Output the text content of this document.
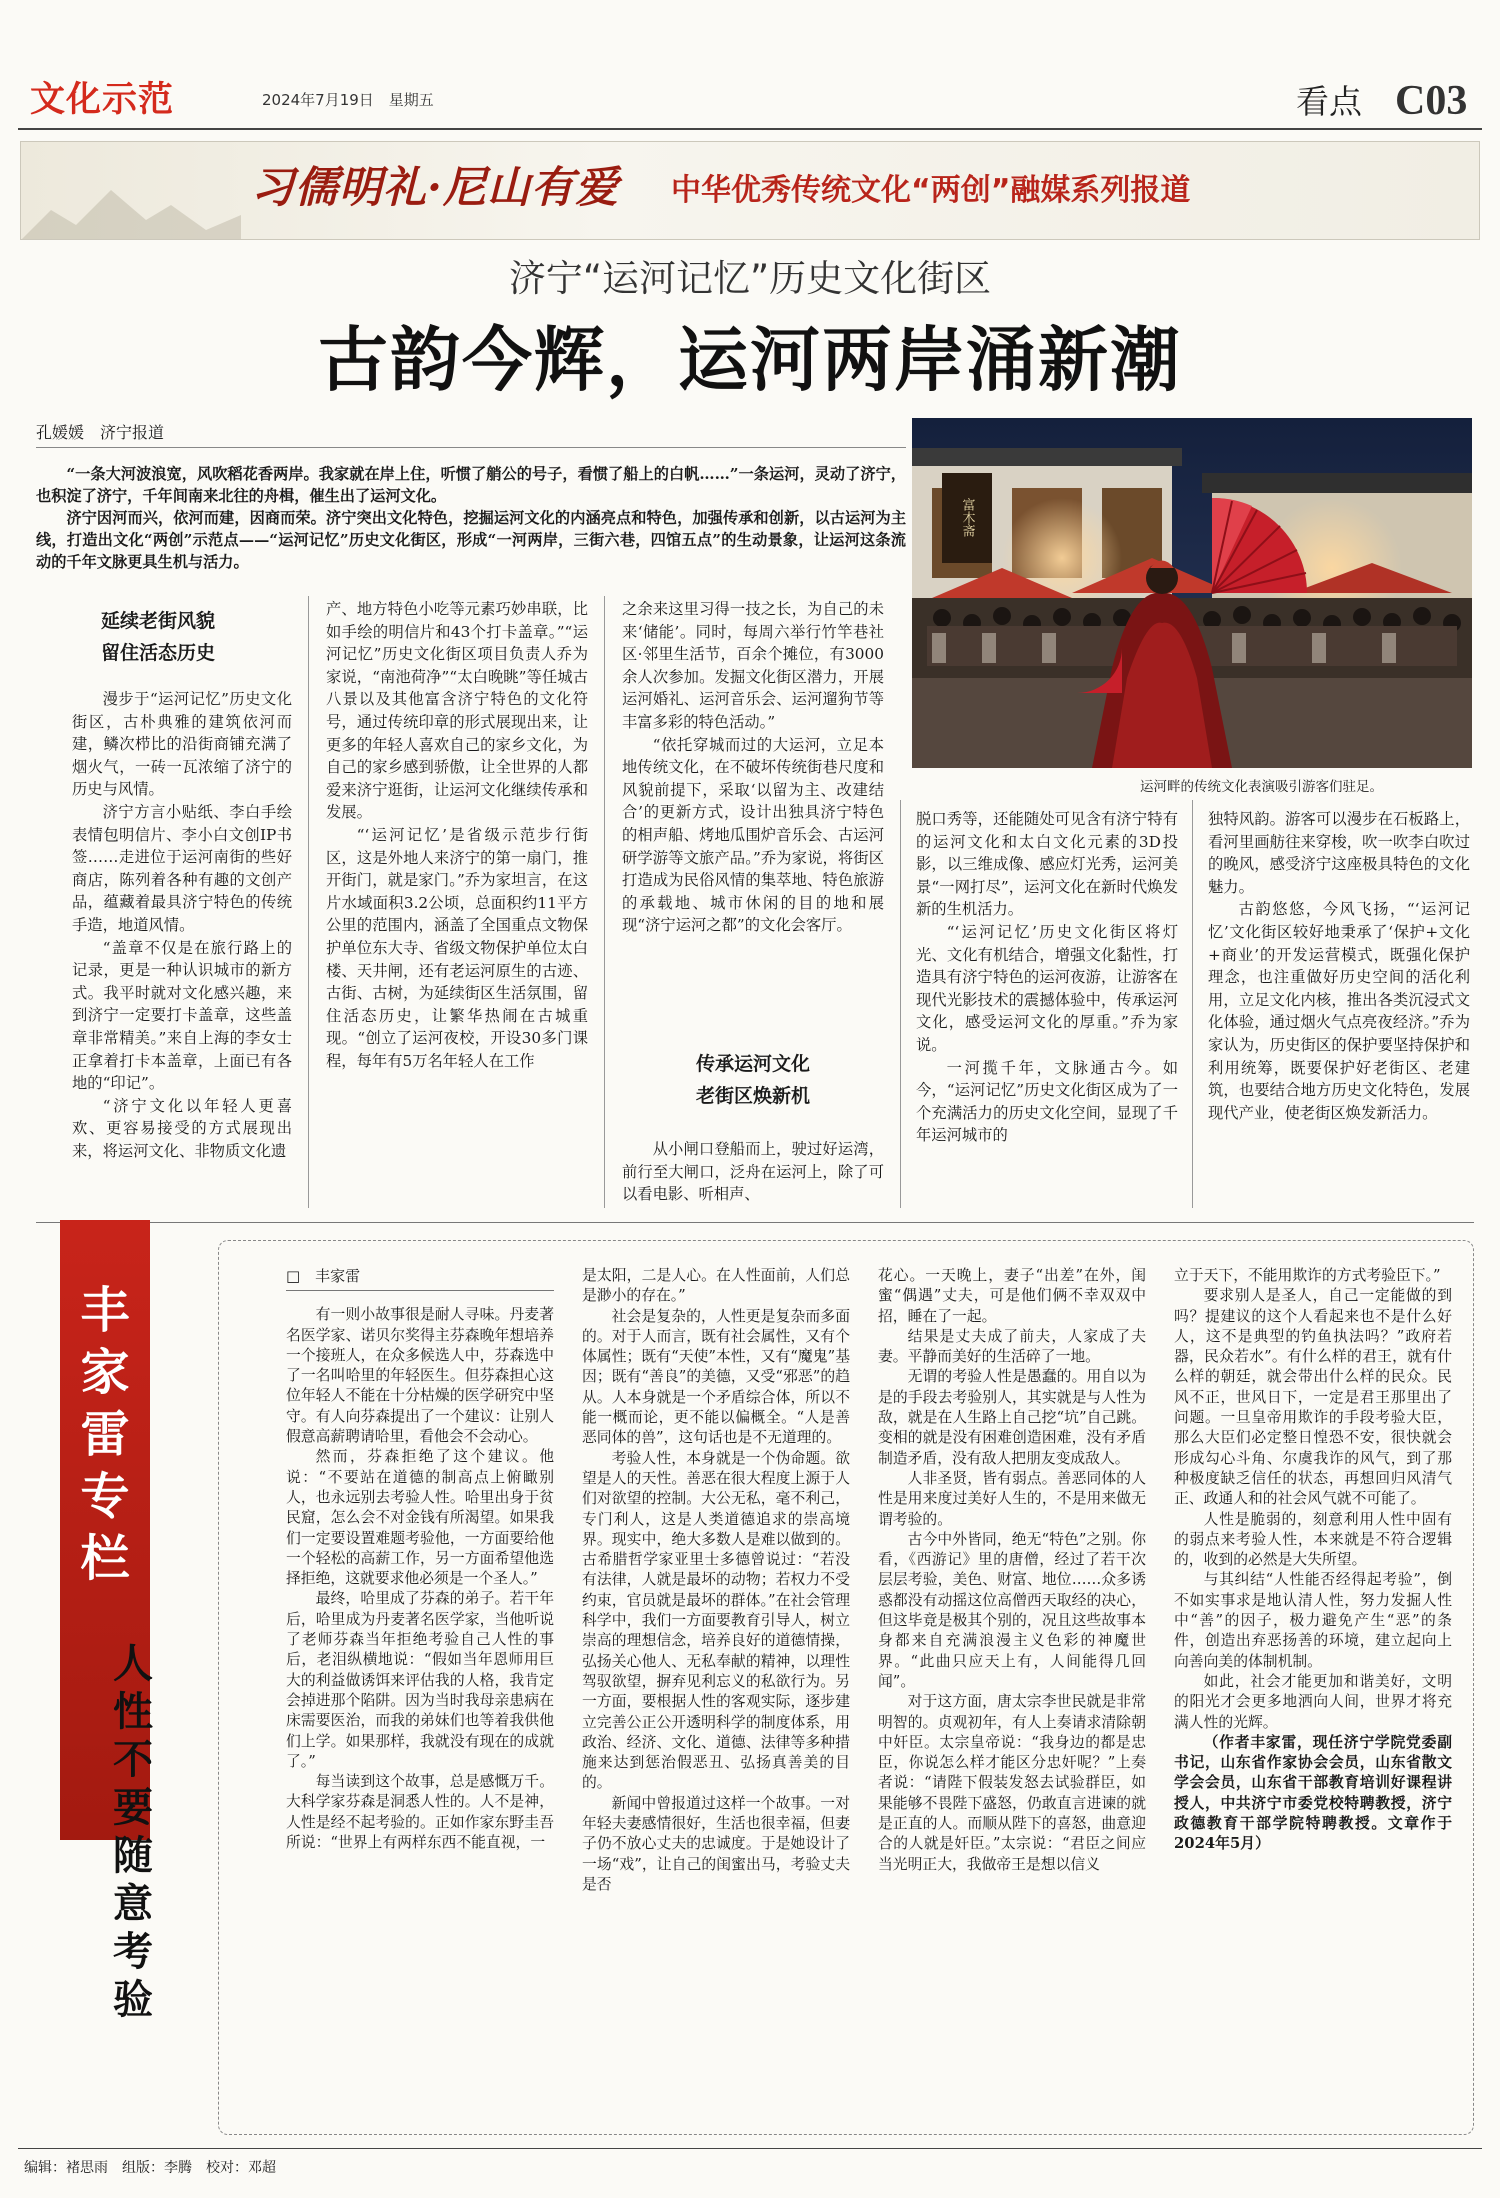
文化示范	2024年7月19日　星期五	看点 C03
习儒明礼·尼山有爱 中华优秀传统文化“两创”融媒系列报道
济宁“运河记忆”历史文化街区
古韵今辉，运河两岸涌新潮
孔媛媛　济宁报道

“一条大河波浪宽，风吹稻花香两岸。我家就在岸上住，听惯了艄公的号子，看惯了船上的白帆……”一条运河，灵动了济宁，也积淀了济宁，千年间南来北往的舟楫，催生出了运河文化。

济宁因河而兴，依河而建，因商而荣。济宁突出文化特色，挖掘运河文化的内涵亮点和特色，加强传承和创新，以古运河为主线，打造出文化“两创”示范点——“运河记忆”历史文化街区，形成“一河两岸，三街六巷，四馆五点”的生动景象，让运河这条流动的千年文脉更具生机与活力。

富木斋
运河畔的传统文化表演吸引游客们驻足。
延续老街风貌
留住活态历史

漫步于“运河记忆”历史文化街区，古朴典雅的建筑依河而建，鳞次栉比的沿街商铺充满了烟火气，一砖一瓦浓缩了济宁的历史与风情。

济宁方言小贴纸、李白手绘表情包明信片、李小白文创IP书签……走进位于运河南街的些好商店，陈列着各种有趣的文创产品，蕴藏着最具济宁特色的传统手造，地道风情。

“盖章不仅是在旅行路上的记录，更是一种认识城市的新方式。我平时就对文化感兴趣，来到济宁一定要打卡盖章，这些盖章非常精美。”来自上海的李女士正拿着打卡本盖章，上面已有各地的“印记”。

“济宁文化以年轻人更喜欢、更容易接受的方式展现出来，将运河文化、非物质文化遗

产、地方特色小吃等元素巧妙串联，比如手绘的明信片和43个打卡盖章。”“运河记忆”历史文化街区项目负责人乔为家说，“南池荷净”“太白晚眺”等任城古八景以及其他富含济宁特色的文化符号，通过传统印章的形式展现出来，让更多的年轻人喜欢自己的家乡文化，为自己的家乡感到骄傲，让全世界的人都爱来济宁逛街，让运河文化继续传承和发展。

“‘运河记忆’是省级示范步行街区，这是外地人来济宁的第一扇门，推开街门，就是家门。”乔为家坦言，在这片水域面积3.2公顷，总面积约11平方公里的范围内，涵盖了全国重点文物保护单位东大寺、省级文物保护单位太白楼、天井闸，还有老运河原生的古迹、古街、古树，为延续街区生活氛围，留住活态历史，让繁华热闹在古城重现。“创立了运河夜校，开设30多门课程，每年有5万名年轻人在工作

之余来这里习得一技之长，为自己的未来‘储能’。同时，每周六举行竹竿巷社区·邻里生活节，百余个摊位，有3000余人次参加。发掘文化街区潜力，开展运河婚礼、运河音乐会、运河遛狗节等丰富多彩的特色活动。”

“依托穿城而过的大运河，立足本地传统文化，在不破坏传统街巷尺度和风貌前提下，采取‘以留为主、改建结合’的更新方式，设计出独具济宁特色的相声船、烤地瓜围炉音乐会、古运河研学游等文旅产品。”乔为家说，将街区打造成为民俗风情的集萃地、特色旅游的承载地、城市休闲的目的地和展现“济宁运河之都”的文化会客厅。

传承运河文化
老街区焕新机

从小闸口登船而上，驶过好运湾，前行至大闸口，泛舟在运河上，除了可以看电影、听相声、

脱口秀等，还能随处可见含有济宁特有的运河文化和太白文化元素的3D投影，以三维成像、感应灯光秀，运河美景“一网打尽”，运河文化在新时代焕发新的生机活力。

“‘运河记忆’历史文化街区将灯光、文化有机结合，增强文化黏性，打造具有济宁特色的运河夜游，让游客在现代光影技术的震撼体验中，传承运河文化，感受运河文化的厚重。”乔为家说。

一河揽千年，文脉通古今。如今，“运河记忆”历史文化街区成为了一个充满活力的历史文化空间，显现了千年运河城市的

独特风韵。游客可以漫步在石板路上，看河里画舫往来穿梭，吹一吹李白吹过的晚风，感受济宁这座极具特色的文化魅力。

古韵悠悠，今风飞扬，“‘运河记忆’文化街区较好地秉承了‘保护+文化+商业’的开发运营模式，既强化保护理念，也注重做好历史空间的活化利用，立足文化内核，推出各类沉浸式文化体验，通过烟火气点亮夜经济。”乔为家认为，历史街区的保护要坚持保护和利用统筹，既要保护好老街区、老建筑，也要结合地方历史文化特色，发展现代产业，使老街区焕发新活力。

丰家雷专栏
人性不要随意考验
□　丰家雷

有一则小故事很是耐人寻味。丹麦著名医学家、诺贝尔奖得主芬森晚年想培养一个接班人，在众多候选人中，芬森选中了一名叫哈里的年轻医生。但芬森担心这位年轻人不能在十分枯燥的医学研究中坚守。有人向芬森提出了一个建议：让别人假意高薪聘请哈里，看他会不会动心。

然而，芬森拒绝了这个建议。他说：“不要站在道德的制高点上俯瞰别人，也永远别去考验人性。哈里出身于贫民窟，怎么会不对金钱有所渴望。如果我们一定要设置难题考验他，一方面要给他一个轻松的高薪工作，另一方面希望他选择拒绝，这就要求他必须是一个圣人。”

最终，哈里成了芬森的弟子。若干年后，哈里成为丹麦著名医学家，当他听说了老师芬森当年拒绝考验自己人性的事后，老泪纵横地说：“假如当年恩师用巨大的利益做诱饵来评估我的人格，我肯定会掉进那个陷阱。因为当时我母亲患病在床需要医治，而我的弟妹们也等着我供他们上学。如果那样，我就没有现在的成就了。”

每当读到这个故事，总是感慨万千。大科学家芬森是洞悉人性的。人不是神，人性是经不起考验的。正如作家东野圭吾所说：“世界上有两样东西不能直视，一

是太阳，二是人心。在人性面前，人们总是渺小的存在。”

社会是复杂的，人性更是复杂而多面的。对于人而言，既有社会属性，又有个体属性；既有“天使”本性，又有“魔鬼”基因；既有“善良”的美德，又受“邪恶”的趋从。人本身就是一个矛盾综合体，所以不能一概而论，更不能以偏概全。“人是善恶同体的兽”，这句话也是不无道理的。

考验人性，本身就是一个伪命题。欲望是人的天性。善恶在很大程度上源于人们对欲望的控制。大公无私，毫不利己，专门利人，这是人类道德追求的崇高境界。现实中，绝大多数人是难以做到的。古希腊哲学家亚里士多德曾说过：“若没有法律，人就是最坏的动物；若权力不受约束，官员就是最坏的群体。”在社会管理科学中，我们一方面要教育引导人，树立崇高的理想信念，培养良好的道德情操，弘扬关心他人、无私奉献的精神，以理性驾驭欲望，摒弃见利忘义的私欲行为。另一方面，要根据人性的客观实际，逐步建立完善公正公开透明科学的制度体系，用政治、经济、文化、道德、法律等多种措施来达到惩治假恶丑、弘扬真善美的目的。

新闻中曾报道过这样一个故事。一对年轻夫妻感情很好，生活也很幸福，但妻子仍不放心丈夫的忠诚度。于是她设计了一场“戏”，让自己的闺蜜出马，考验丈夫是否

花心。一天晚上，妻子“出差”在外，闺蜜“偶遇”丈夫，可是他们俩不幸双双中招，睡在了一起。

结果是丈夫成了前夫，人家成了夫妻。平静而美好的生活碎了一地。

无谓的考验人性是愚蠢的。用自以为是的手段去考验别人，其实就是与人性为敌，就是在人生路上自己挖“坑”自己跳。变相的就是没有困难创造困难，没有矛盾制造矛盾，没有敌人把朋友变成敌人。

人非圣贤，皆有弱点。善恶同体的人性是用来度过美好人生的，不是用来做无谓考验的。

古今中外皆同，绝无“特色”之别。你看，《西游记》里的唐僧，经过了若干次层层考验，美色、财富、地位……众多诱惑都没有动摇这位高僧西天取经的决心，但这毕竟是极其个别的，况且这些故事本身都来自充满浪漫主义色彩的神魔世界。“此曲只应天上有，人间能得几回闻”。

对于这方面，唐太宗李世民就是非常明智的。贞观初年，有人上奏请求清除朝中奸臣。太宗皇帝说：“我身边的都是忠臣，你说怎么样才能区分忠奸呢？”上奏者说：“请陛下假装发怒去试验群臣，如果能够不畏陛下盛怒，仍敢直言进谏的就是正直的人。而顺从陛下的喜怒，曲意迎合的人就是奸臣。”太宗说：“君臣之间应当光明正大，我做帝王是想以信义

立于天下，不能用欺诈的方式考验臣下。”

要求别人是圣人，自己一定能做的到吗？提建议的这个人看起来也不是什么好人，这不是典型的钓鱼执法吗？”政府若器，民众若水”。有什么样的君王，就有什么样的朝廷，就会带出什么样的民众。民风不正，世风日下，一定是君王那里出了问题。一旦皇帝用欺诈的手段考验大臣，那么大臣们必定整日惶恐不安，很快就会形成勾心斗角、尔虞我诈的风气，到了那种极度缺乏信任的状态，再想回归风清气正、政通人和的社会风气就不可能了。

人性是脆弱的，刻意利用人性中固有的弱点来考验人性，本来就是不符合逻辑的，收到的必然是大失所望。

与其纠结“人性能否经得起考验”，倒不如实事求是地认清人性，努力发掘人性中“善”的因子，极力避免产生“恶”的条件，创造出弃恶扬善的环境，建立起向上向善向美的体制机制。

如此，社会才能更加和谐美好，文明的阳光才会更多地洒向人间，世界才将充满人性的光辉。

（作者丰家雷，现任济宁学院党委副书记，山东省作家协会会员，山东省散文学会会员，山东省干部教育培训好课程讲授人，中共济宁市委党校特聘教授，济宁政德教育干部学院特聘教授。文章作于2024年5月）

编辑：褚思雨　组版：李腾　校对：邓超
